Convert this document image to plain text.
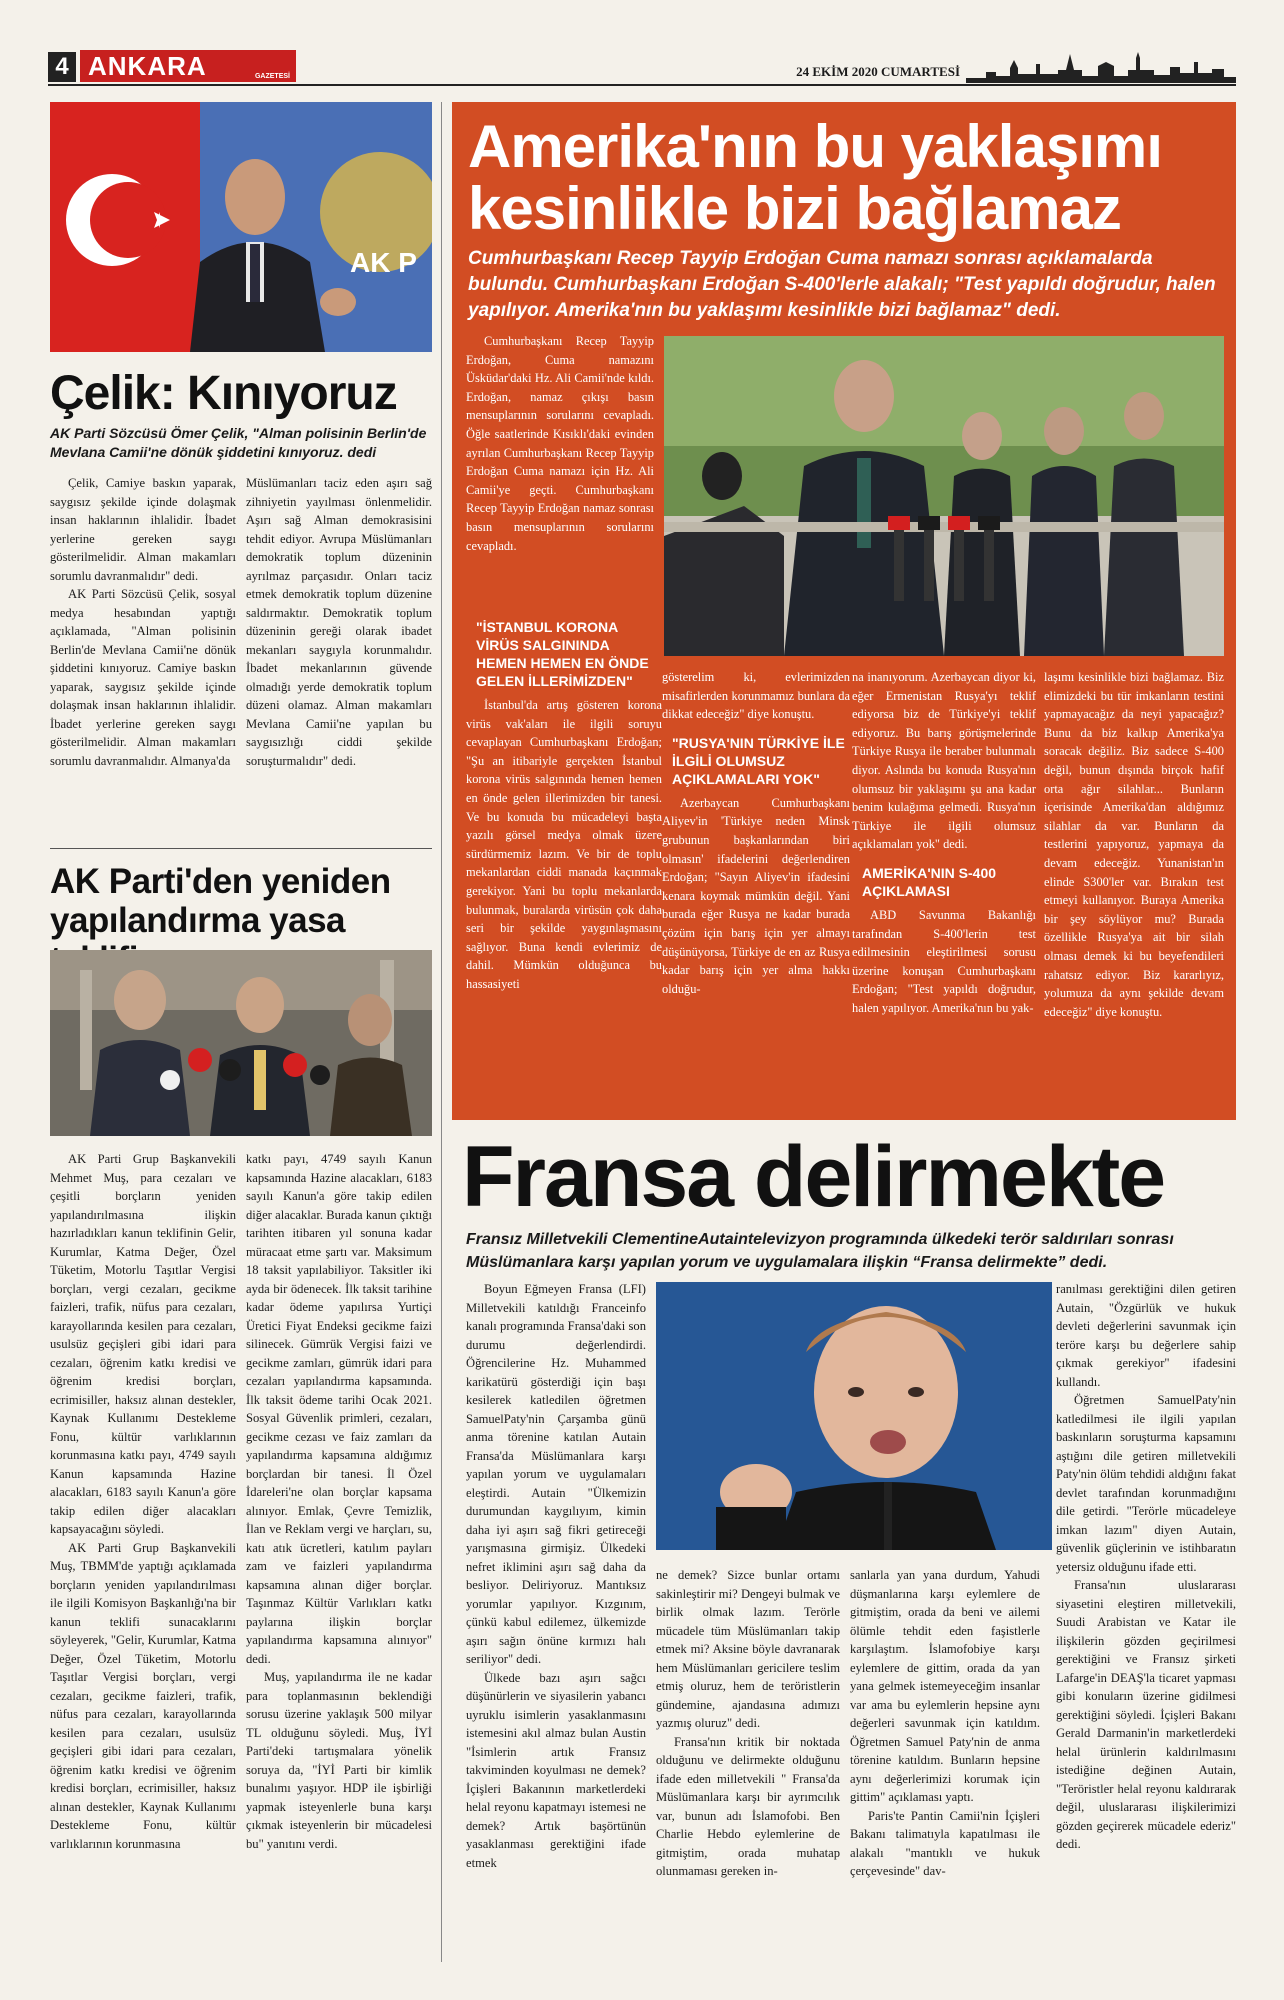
4 ANKARA	GAZETESİ	24 EKİM 2020 CUMARTESİ
AK P
Çelik: Kınıyoruz
AK Parti Sözcüsü Ömer Çelik, "Alman polisinin Berlin'de Mevlana Camii'ne dönük şiddetini kınıyoruz. dedi

Çelik, Camiye baskın yaparak, saygısız şekilde içinde dolaşmak insan haklarının ihlalidir. İbadet yerlerine gereken saygı gösterilmelidir. Alman makamları sorumlu davranmalıdır" dedi.

AK Parti Sözcüsü Çelik, sosyal medya hesabından yaptığı açıklamada, "Alman polisinin Berlin'de Mevlana Camii'ne dönük şiddetini kınıyoruz. Camiye baskın yaparak, saygısız şekilde içinde dolaşmak insan haklarının ihlalidir. İbadet yerlerine gereken saygı gösterilmelidir. Alman makamları sorumlu davranmalıdır. Almanya'da

Müslümanları taciz eden aşırı sağ zihniyetin yayılması önlenmelidir. Aşırı sağ Alman demokrasisini tehdit ediyor. Avrupa Müslümanları demokratik toplum düzeninin ayrılmaz parçasıdır. Onları taciz etmek demokratik toplum düzenine saldırmaktır. Demokratik toplum düzeninin gereği olarak ibadet mekanları saygıyla korunmalıdır. İbadet mekanlarının güvende olmadığı yerde demokratik toplum düzeni olamaz. Alman makamları Mevlana Camii'ne yapılan bu saygısızlığı ciddi şekilde soruşturmalıdır" dedi.

AK Parti'den yeniden yapılandırma yasa

AK Parti Grup Başkanvekili Mehmet Muş, para cezaları ve çeşitli borçların yeniden yapılandırılmasına ilişkin hazırladıkları kanun teklifinin Gelir, Kurumlar, Katma Değer, Özel Tüketim, Motorlu Taşıtlar Vergisi borçları, vergi cezaları, gecikme faizleri, trafik, nüfus para cezaları, karayollarında kesilen para cezaları, usulsüz geçişleri gibi idari para cezaları, öğrenim katkı kredisi ve öğrenim kredisi borçları, ecrimisiller, haksız alınan destekler, Kaynak Kullanımı Destekleme Fonu, kültür varlıklarının korunmasına katkı payı, 4749 sayılı Kanun kapsamında Hazine alacakları, 6183 sayılı Kanun'a göre takip edilen diğer alacakları kapsayacağını söyledi.

AK Parti Grup Başkanvekili Muş, TBMM'de yaptığı açıklamada borçların yeniden yapılandırılması ile ilgili Komisyon Başkanlığı'na bir kanun teklifi sunacaklarını söyleyerek, "Gelir, Kurumlar, Katma Değer, Özel Tüketim, Motorlu Taşıtlar Vergisi borçları, vergi cezaları, gecikme faizleri, trafik, nüfus para cezaları, karayollarında kesilen para cezaları, usulsüz geçişleri gibi idari para cezaları, öğrenim katkı kredisi ve öğrenim kredisi borçları, ecrimisiller, haksız alınan destekler, Kaynak Kullanımı Destekleme Fonu, kültür varlıklarının korunmasına

katkı payı, 4749 sayılı Kanun kapsamında Hazine alacakları, 6183 sayılı Kanun'a göre takip edilen diğer alacaklar. Burada kanun çıktığı tarihten itibaren yıl sonuna kadar müracaat etme şartı var. Maksimum 18 taksit yapılabiliyor. Taksitler iki ayda bir ödenecek. İlk taksit tarihine kadar ödeme yapılırsa Yurtiçi Üretici Fiyat Endeksi gecikme faizi silinecek. Gümrük Vergisi faizi ve gecikme zamları, gümrük idari para cezaları yapılandırma kapsamında. İlk taksit ödeme tarihi Ocak 2021. Sosyal Güvenlik primleri, cezaları, gecikme cezası ve faiz zamları da yapılandırma kapsamına aldığımız borçlardan bir tanesi. İl Özel İdareleri'ne olan borçlar kapsama alınıyor. Emlak, Çevre Temizlik, İlan ve Reklam vergi ve harçları, su, katı atık ücretleri, katılım payları zam ve faizleri yapılandırma kapsamına alınan diğer borçlar. Taşınmaz Kültür Varlıkları katkı paylarına ilişkin borçlar yapılandırma kapsamına alınıyor" dedi.

Muş, yapılandırma ile ne kadar para toplanmasının beklendiği sorusu üzerine yaklaşık 500 milyar TL olduğunu söyledi. Muş, İYİ Parti'deki tartışmalara yönelik soruya da, "İYİ Parti bir kimlik bunalımı yaşıyor. HDP ile işbirliği yapmak isteyenlerle buna karşı çıkmak isteyenlerin bir mücadelesi bu" yanıtını verdi.

Amerika'nın bu yaklaşımı
kesinlikle bizi bağlamaz
Cumhurbaşkanı Recep Tayyip Erdoğan Cuma namazı sonrası açıklamalarda bulundu. Cumhurbaşkanı Erdoğan S-400'lerle alakalı; "Test yapıldı doğrudur, halen yapılıyor. Amerika'nın bu yaklaşımı kesinlikle bizi bağlamaz" dedi.

Cumhurbaşkanı Recep Tayyip Erdoğan, Cuma namazını Üsküdar'daki Hz. Ali Camii'nde kıldı. Erdoğan, namaz çıkışı basın mensuplarının sorularını cevapladı. Öğle saatlerinde Kısıklı'daki evinden ayrılan Cumhurbaşkanı Recep Tayyip Erdoğan Cuma namazı için Hz. Ali Camii'ye geçti. Cumhurbaşkanı Recep Tayyip Erdoğan namaz sonrası basın mensuplarının sorularını cevapladı.

"İSTANBUL KORONA VİRÜS SALGININDA HEMEN HEMEN EN ÖNDE GELEN İLLERİMİZDEN"

İstanbul'da artış gösteren korona virüs vak'aları ile ilgili soruyu cevaplayan Cumhurbaşkanı Erdoğan; "Şu an itibariyle gerçekten İstanbul korona virüs salgınında hemen hemen en önde gelen illerimizden bir tanesi. Ve bu konuda bu mücadeleyi başta yazılı görsel medya olmak üzere sürdürmemiz lazım. Ve bir de toplu mekanlardan ciddi manada kaçınmak gerekiyor. Yani bu toplu mekanlarda bulunmak, buralarda virüsün çok daha seri bir şekilde yaygınlaşmasını sağlıyor. Buna kendi evlerimiz de dahil. Mümkün olduğunca bu hassasiyeti

gösterelim ki, evlerimizden misafirlerden korunmamız bunlara da dikkat edeceğiz" diye konuştu.

"RUSYA'NIN TÜRKİYE İLE İLGİLİ OLUMSUZ AÇIKLAMALARI YOK"

Azerbaycan Cumhurbaşkanı Aliyev'in 'Türkiye neden Minsk grubunun başkanlarından biri olmasın' ifadelerini değerlendiren Erdoğan; "Sayın Aliyev'in ifadesini kenara koymak mümkün değil. Yani burada eğer Rusya ne kadar burada çözüm için barış için yer almayı düşünüyorsa, Türkiye de en az Rusya kadar barış için yer alma hakkı olduğu-

na inanıyorum. Azerbaycan diyor ki, eğer Ermenistan Rusya'yı teklif ediyorsa biz de Türkiye'yi teklif ediyoruz. Bu barış görüşmelerinde Türkiye Rusya ile beraber bulunmalı diyor. Aslında bu konuda Rusya'nın olumsuz bir yaklaşımı şu ana kadar benim kulağıma gelmedi. Rusya'nın Türkiye ile ilgili olumsuz açıklamaları yok" dedi.

AMERİKA'NIN S-400 AÇIKLAMASI

ABD Savunma Bakanlığı tarafından S-400'lerin test edilmesinin eleştirilmesi sorusu üzerine konuşan Cumhurbaşkanı Erdoğan; "Test yapıldı doğrudur, halen yapılıyor. Amerika'nın bu yak-

laşımı kesinlikle bizi bağlamaz. Biz elimizdeki bu tür imkanların testini yapmayacağız da neyi yapacağız? Bunu da biz kalkıp Amerika'ya soracak değiliz. Biz sadece S-400 değil, bunun dışında birçok hafif orta ağır silahlar... Bunların içerisinde Amerika'dan aldığımız silahlar da var. Bunların da testlerini yapıyoruz, yapmaya da devam edeceğiz. Yunanistan'ın elinde S300'ler var. Bırakın test etmeyi kullanıyor. Buraya Amerika bir şey söylüyor mu? Burada özellikle Rusya'ya ait bir silah olması demek ki bu beyefendileri rahatsız ediyor. Biz kararlıyız, yolumuza da aynı şekilde devam edeceğiz" diye konuştu.

Fransa delirmekte
Fransız Milletvekili ClementineAutaintelevizyon programında ülkedeki terör saldırıları sonrası Müslümanlara karşı yapılan yorum ve uygulamalara ilişkin “Fransa delirmekte” dedi.

Boyun Eğmeyen Fransa (LFI) Milletvekili katıldığı Franceinfo kanalı programında Fransa'daki son durumu değerlendirdi. Öğrencilerine Hz. Muhammed karikatürü gösterdiği için başı kesilerek katledilen öğretmen SamuelPaty'nin Çarşamba günü anma törenine katılan Autain Fransa'da Müslümanlara karşı yapılan yorum ve uygulamaları eleştirdi. Autain "Ülkemizin durumundan kaygılıyım, kimin daha iyi aşırı sağ fikri getireceği yarışmasına girmişiz. Ülkedeki nefret iklimini aşırı sağ daha da besliyor. Deliriyoruz. Mantıksız yorumlar yapılıyor. Kızgınım, çünkü kabul edilemez, ülkemizde aşırı sağın önüne kırmızı halı seriliyor" dedi.

Ülkede bazı aşırı sağcı düşünürlerin ve siyasilerin yabancı uyruklu isimlerin yasaklanmasını istemesini akıl almaz bulan Austin "İsimlerin artık Fransız takviminden koyulması ne demek? İçişleri Bakanının marketlerdeki helal reyonu kapatmayı istemesi ne demek? Artık başörtünün yasaklanması gerektiğini ifade etmek

ne demek? Sizce bunlar ortamı sakinleştirir mi? Dengeyi bulmak ve birlik olmak lazım. Terörle mücadele tüm Müslümanları takip etmek mi? Aksine böyle davranarak hem Müslümanları gericilere teslim etmiş oluruz, hem de teröristlerin gündemine, ajandasına adımızı yazmış oluruz" dedi.

Fransa'nın kritik bir noktada olduğunu ve delirmekte olduğunu ifade eden milletvekili " Fransa'da Müslümanlara karşı bir ayrımcılık var, bunun adı İslamofobi. Ben Charlie Hebdo eylemlerine de gitmiştim, orada muhatap olunmaması gereken in-

sanlarla yan yana durdum, Yahudi düşmanlarına karşı eylemlere de gitmiştim, orada da beni ve ailemi ölümle tehdit eden faşistlerle karşılaştım. İslamofobiye karşı eylemlere de gittim, orada da yan yana gelmek istemeyeceğim insanlar var ama bu eylemlerin hepsine aynı değerleri savunmak için katıldım. Öğretmen Samuel Paty'nin de anma törenine katıldım. Bunların hepsine aynı değerlerimizi korumak için gittim" açıklaması yaptı.

Paris'te Pantin Camii'nin İçişleri Bakanı talimatıyla kapatılması ile alakalı "mantıklı ve hukuk çerçevesinde" dav-

ranılması gerektiğini dilen getiren Autain, "Özgürlük ve hukuk devleti değerlerini savunmak için teröre karşı bu değerlere sahip çıkmak gerekiyor" ifadesini kullandı.

Öğretmen SamuelPaty'nin katledilmesi ile ilgili yapılan baskınların soruşturma kapsamını aştığını dile getiren milletvekili Paty'nin ölüm tehdidi aldığını fakat devlet tarafından korunmadığını dile getirdi. "Terörle mücadeleye imkan lazım" diyen Autain, güvenlik güçlerinin ve istihbaratın yetersiz olduğunu ifade etti.

Fransa'nın uluslararası siyasetini eleştiren milletvekili, Suudi Arabistan ve Katar ile ilişkilerin gözden geçirilmesi gerektiğini ve Fransız şirketi Lafarge'in DEAŞ'la ticaret yapması gibi konuların üzerine gidilmesi gerektiğini söyledi. İçişleri Bakanı Gerald Darmanin'in marketlerdeki helal ürünlerin kaldırılmasını istediğine değinen Autain, "Teröristler helal reyonu kaldırarak değil, uluslararası ilişkilerimizi gözden geçirerek mücadele ederiz" dedi.
